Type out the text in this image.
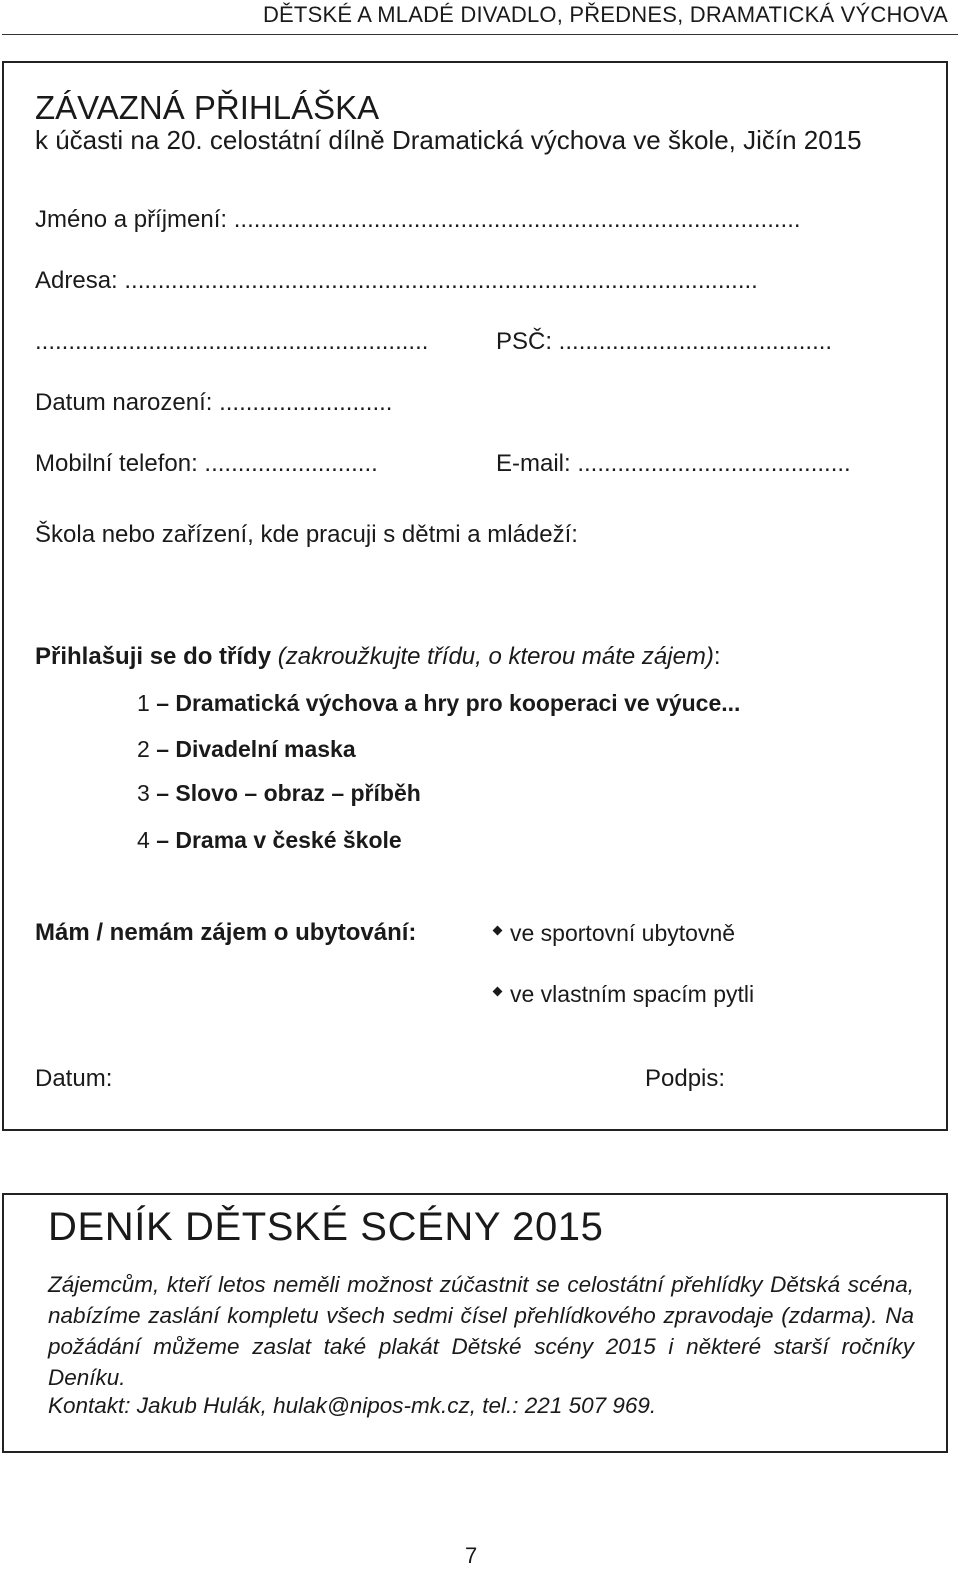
DĚTSKÉ A MLADÉ DIVADLO, PŘEDNES, DRAMATICKÁ VÝCHOVA
ZÁVAZNÁ PŘIHLÁŠKA
k účasti na 20. celostátní dílně Dramatická výchova ve škole, Jičín 2015
Jméno a příjmení: .....................................................................................
Adresa: ...............................................................................................
...........................................................	PSČ: .........................................
Datum narození: ..........................
Mobilní telefon: ..........................	E-mail: .........................................
Škola nebo zařízení, kde pracuji s dětmi a mládeží:
Přihlašuji se do třídy (zakroužkujte třídu, o kterou máte zájem):
1 – Dramatická výchova a hry pro kooperaci ve výuce...
2 – Divadelní maska
3 – Slovo – obraz – příběh
4 – Drama v české škole
Mám / nemám zájem o ubytování:	ve sportovní ubytovně
ve vlastním spacím pytli
Datum:	Podpis:
DENÍK DĚTSKÉ SCÉNY 2015
Zájemcům, kteří letos neměli možnost zúčastnit se celostátní přehlídky Dětská scéna, nabízíme zaslání kompletu všech sedmi čísel přehlídkového zpravodaje (zdarma). Na požádání můžeme zaslat také plakát Dětské scény 2015 i některé starší ročníky Deníku.
Kontakt: Jakub Hulák, hulak@nipos-mk.cz, tel.: 221 507 969.
7
